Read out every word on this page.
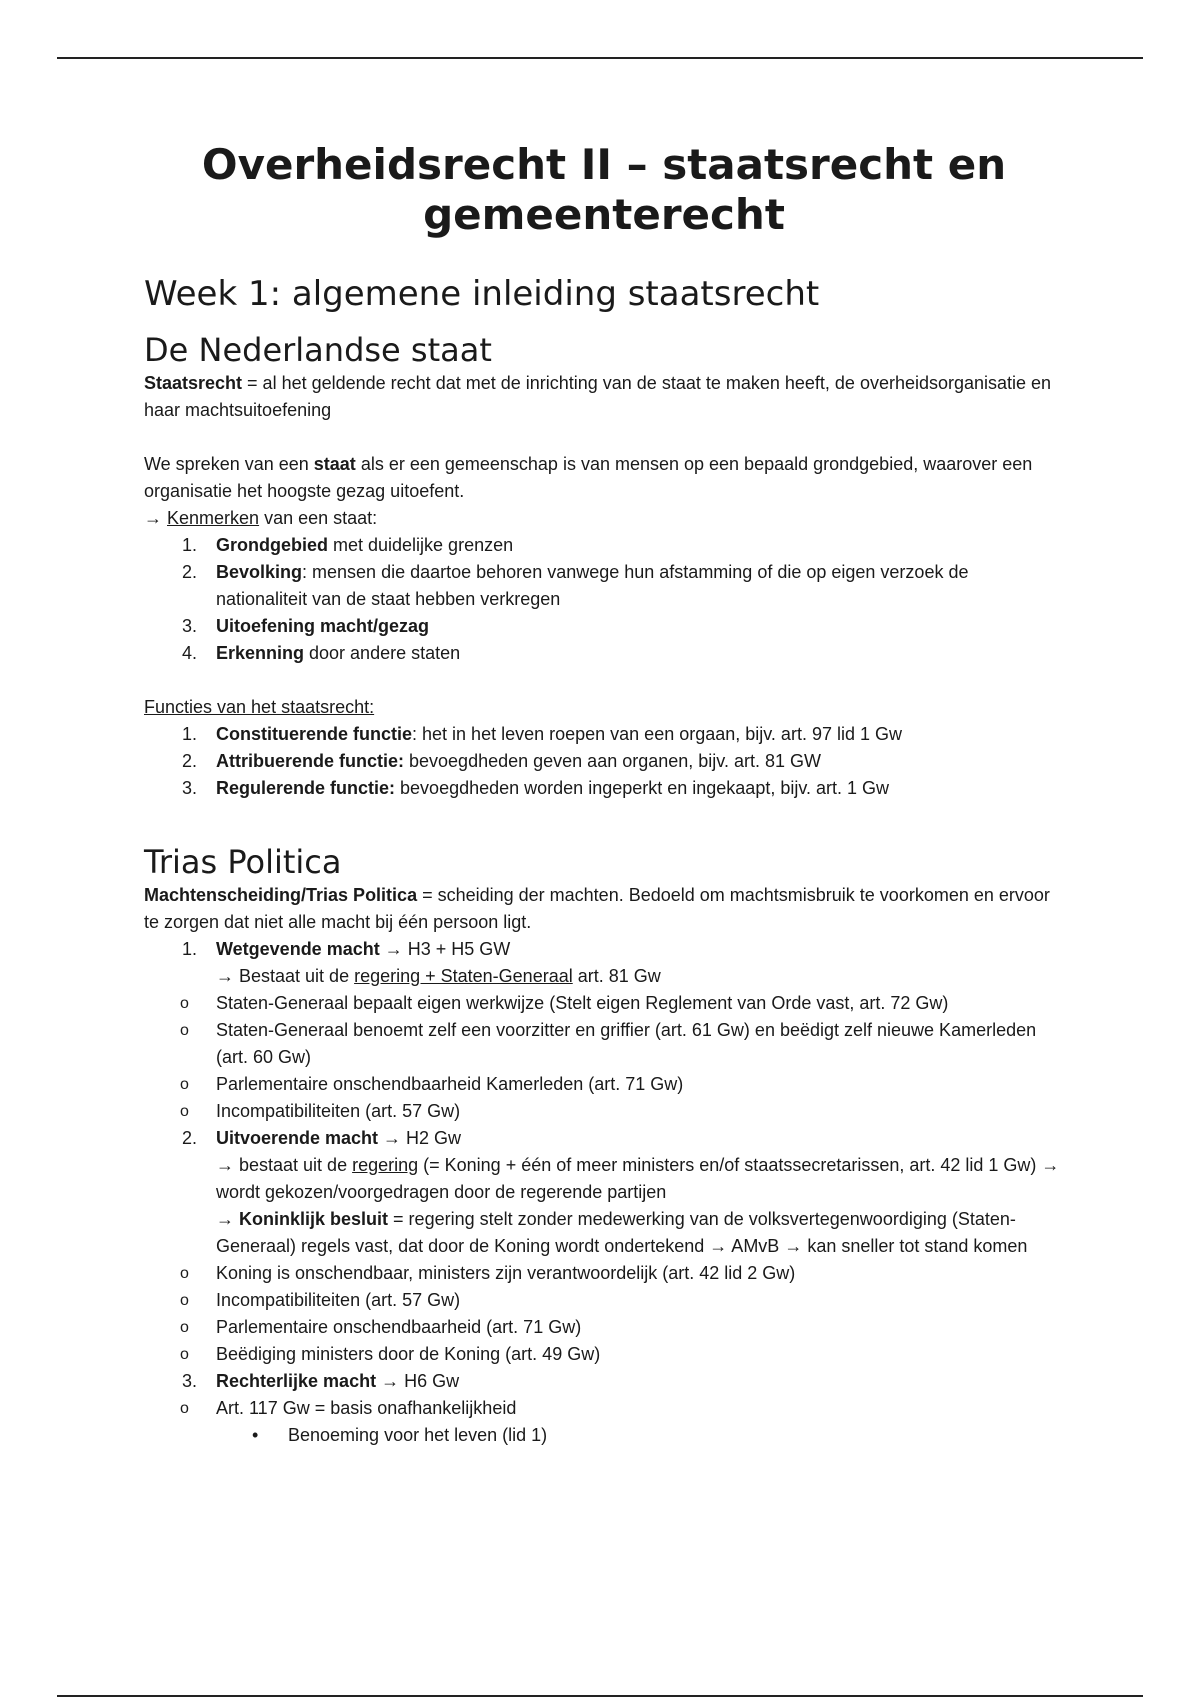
Overheidsrecht II – staatsrecht en gemeenterecht
Week 1: algemene inleiding staatsrecht
De Nederlandse staat

Staatsrecht = al het geldende recht dat met de inrichting van de staat te maken heeft, de overheidsorganisatie en haar machtsuitoefening

We spreken van een staat als er een gemeenschap is van mensen op een bepaald grondgebied, waarover een organisatie het hoogste gezag uitoefent.

→ Kenmerken van een staat:

1. Grondgebied met duidelijke grenzen
2. Bevolking: mensen die daartoe behoren vanwege hun afstamming of die op eigen verzoek de nationaliteit van de staat hebben verkregen
3. Uitoefening macht/gezag
4. Erkenning door andere staten

Functies van het staatsrecht:

1. Constituerende functie: het in het leven roepen van een orgaan, bijv. art. 97 lid 1 Gw
2. Attribuerende functie: bevoegdheden geven aan organen, bijv. art. 81 GW
3. Regulerende functie: bevoegdheden worden ingeperkt en ingekaapt, bijv. art. 1 Gw
Trias Politica

Machtenscheiding/Trias Politica = scheiding der machten. Bedoeld om machtsmisbruik te voorkomen en ervoor te zorgen dat niet alle macht bij één persoon ligt.

1. Wetgevende macht → H3 + H5 GW
→ Bestaat uit de regering + Staten-Generaal art. 81 Gw
o Staten-Generaal bepaalt eigen werkwijze (Stelt eigen Reglement van Orde vast, art. 72 Gw)
o Staten-Generaal benoemt zelf een voorzitter en griffier (art. 61 Gw) en beëdigt zelf nieuwe Kamerleden (art. 60 Gw)
o Parlementaire onschendbaarheid Kamerleden (art. 71 Gw)
o Incompatibiliteiten (art. 57 Gw)
2. Uitvoerende macht → H2 Gw
→ bestaat uit de regering (= Koning + één of meer ministers en/of staatssecretarissen, art. 42 lid 1 Gw) → wordt gekozen/voorgedragen door de regerende partijen
→ Koninklijk besluit = regering stelt zonder medewerking van de volksvertegenwoordiging (Staten-Generaal) regels vast, dat door de Koning wordt ondertekend → AMvB → kan sneller tot stand komen
o Koning is onschendbaar, ministers zijn verantwoordelijk (art. 42 lid 2 Gw)
o Incompatibiliteiten (art. 57 Gw)
o Parlementaire onschendbaarheid (art. 71 Gw)
o Beëdiging ministers door de Koning (art. 49 Gw)
3. Rechterlijke macht → H6 Gw
o Art. 117 Gw = basis onafhankelijkheid
• Benoeming voor het leven (lid 1)
